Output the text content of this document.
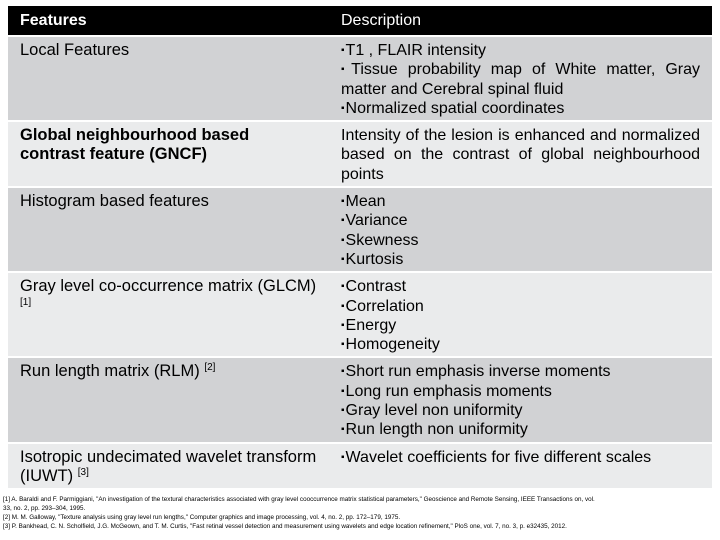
Features	Description
Local Features	▪ T1 , FLAIR intensity
▪ Tissue probability map of White matter, Gray matter and Cerebral spinal fluid
▪ Normalized spatial coordinates

Global neighbourhood based contrast feature (GNCF)	Intensity of the lesion is enhanced and normalized based on the contrast of global neighbourhood points
Histogram based features	▪ Mean
▪ Variance
▪ Skewness
▪ Kurtosis

Gray level co-occurrence matrix (GLCM) [1]	▪ Contrast
▪ Correlation
▪ Energy
▪ Homogeneity

Run length matrix (RLM) [2]	▪ Short run emphasis inverse moments
▪ Long run emphasis moments
▪ Gray level non uniformity
▪ Run length non uniformity

Isotropic undecimated wavelet transform (IUWT) [3]	▪ Wavelet coefficients for five different scales
[1] A. Baraldi and F. Parmiggiani, "An investigation of the textural characteristics associated with gray level cooccurrence matrix statistical parameters," Geoscience and Remote Sensing, IEEE Transactions on, vol.
33, no. 2, pp. 293–304, 1995.
[2] M. M. Galloway, "Texture analysis using gray level run lengths," Computer graphics and image processing, vol. 4, no. 2, pp. 172–179, 1975.
[3] P. Bankhead, C. N. Scholfield, J.G. McGeown, and T. M. Curtis, "Fast retinal vessel detection and measurement using wavelets and edge location refinement," PloS one, vol. 7, no. 3, p. e32435, 2012.
